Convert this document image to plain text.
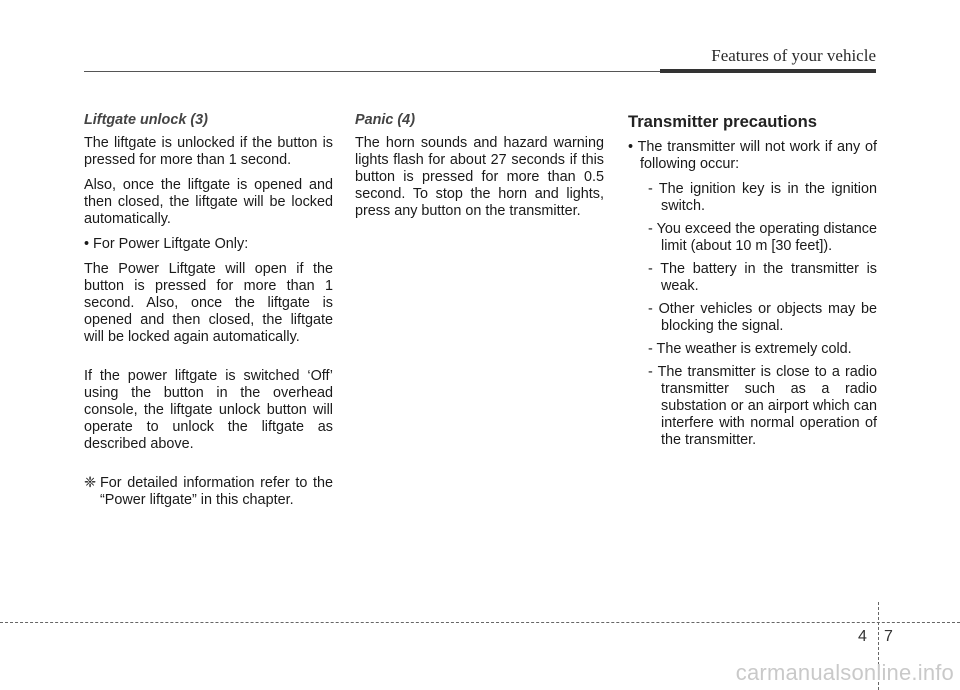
Features of your vehicle
Liftgate unlock (3)

The liftgate is unlocked if the button is pressed for more than 1 second.

Also, once the liftgate is opened and then closed, the liftgate will be locked automatically.

• For Power Liftgate Only:

The Power Liftgate will open if the button is pressed for more than 1 second. Also, once the liftgate is opened and then closed, the liftgate will be locked again automatically.

If the power liftgate is switched ‘Off’ using the button in the overhead console, the liftgate unlock button will operate to unlock the liftgate as described above.

❈ For detailed information refer to the “Power liftgate” in this chapter.
Panic (4)

The horn sounds and hazard warning lights flash for about 27 seconds if this button is pressed for more than 0.5 second. To stop the horn and lights, press any button on the transmitter.

Transmitter precautions

• The transmitter will not work if any of following occur:

- The ignition key is in the ignition switch.
- You exceed the operating distance limit (about 10 m [30 feet]).
- The battery in the transmitter is weak.
- Other vehicles or objects may be blocking the signal.
- The weather is extremely cold.
- The transmitter is close to a radio transmitter such as a radio substation or an airport which can interfere with normal operation of the transmitter.
4 7
carmanualsonline.info
